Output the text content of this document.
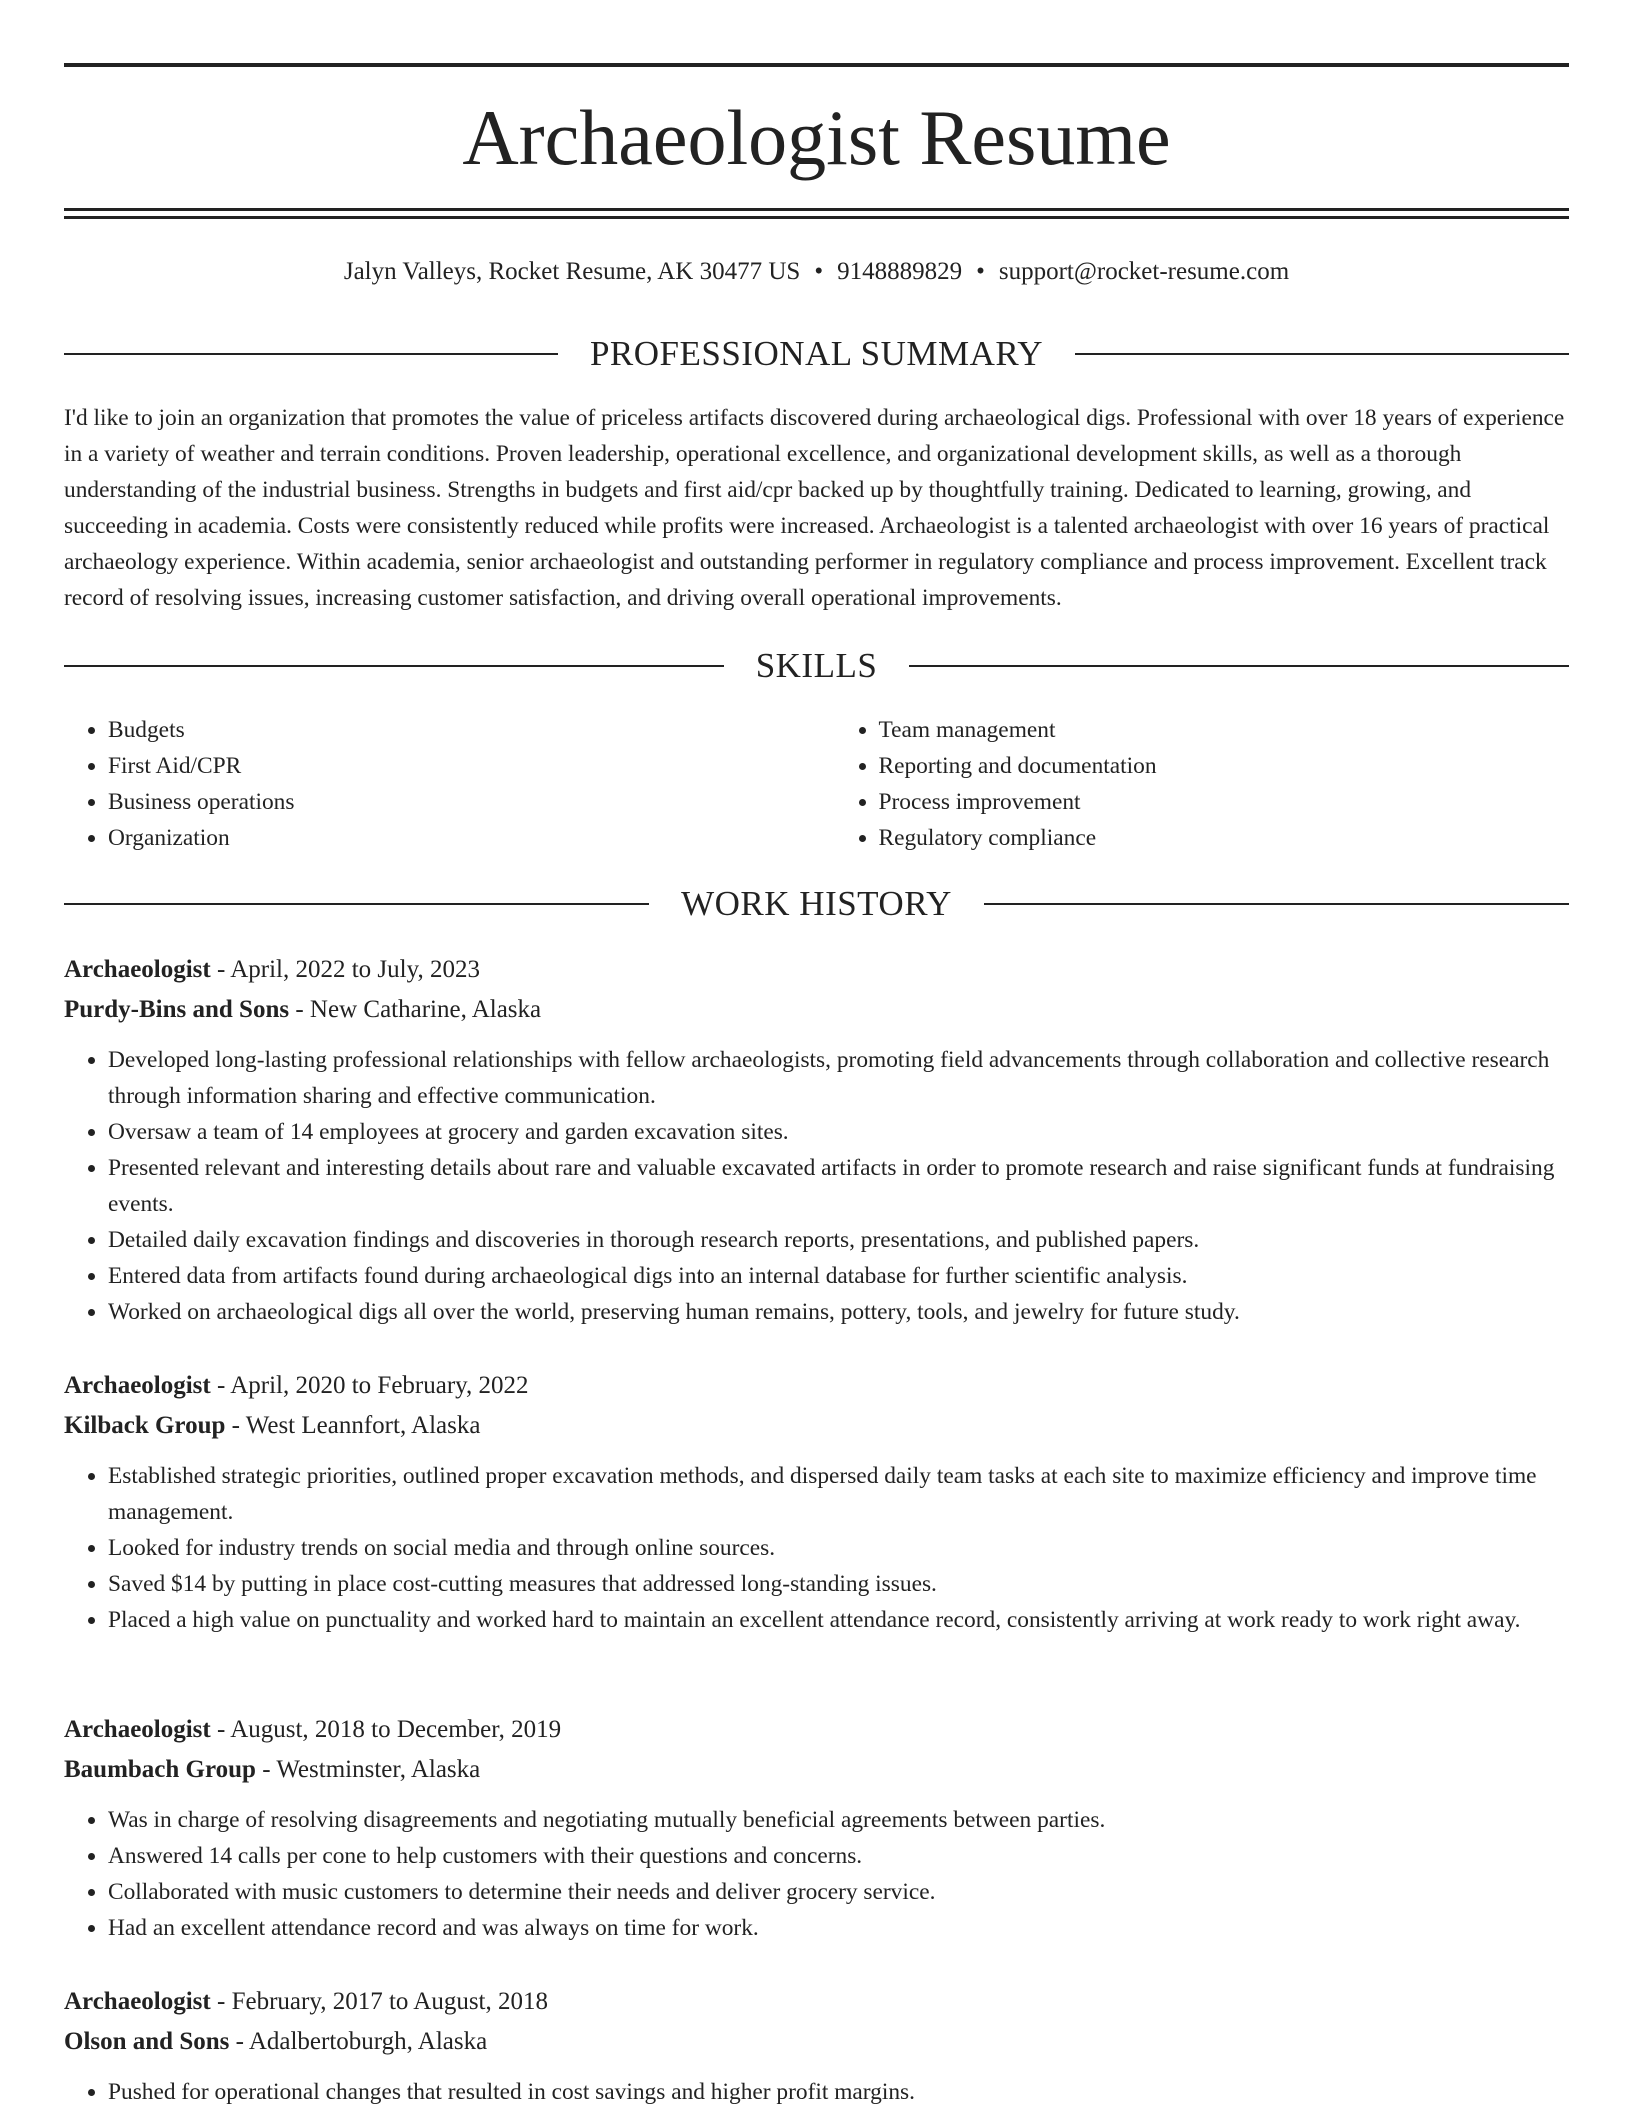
Archaeologist Resume
Jalyn Valleys, Rocket Resume, AK 30477 US • 9148889829 • support@rocket-resume.com
PROFESSIONAL SUMMARY

I'd like to join an organization that promotes the value of priceless artifacts discovered during archaeological digs. Professional with over 18 years of experience in a variety of weather and terrain conditions. Proven leadership, operational excellence, and organizational development skills, as well as a thorough understanding of the industrial business. Strengths in budgets and first aid/cpr backed up by thoughtfully training. Dedicated to learning, growing, and succeeding in academia. Costs were consistently reduced while profits were increased. Archaeologist is a talented archaeologist with over 16 years of practical archaeology experience. Within academia, senior archaeologist and outstanding performer in regulatory compliance and process improvement. Excellent track record of resolving issues, increasing customer satisfaction, and driving overall operational improvements.

SKILLS
• Budgets
• First Aid/CPR
• Business operations
• Organization
• Team management
• Reporting and documentation
• Process improvement
• Regulatory compliance
WORK HISTORY
Archaeologist - April, 2022 to July, 2023
Purdy-Bins and Sons - New Catharine, Alaska
• Developed long-lasting professional relationships with fellow archaeologists, promoting field advancements through collaboration and collective research through information sharing and effective communication.
• Oversaw a team of 14 employees at grocery and garden excavation sites.
• Presented relevant and interesting details about rare and valuable excavated artifacts in order to promote research and raise significant funds at fundraising events.
• Detailed daily excavation findings and discoveries in thorough research reports, presentations, and published papers.
• Entered data from artifacts found during archaeological digs into an internal database for further scientific analysis.
• Worked on archaeological digs all over the world, preserving human remains, pottery, tools, and jewelry for future study.
Archaeologist - April, 2020 to February, 2022
Kilback Group - West Leannfort, Alaska
• Established strategic priorities, outlined proper excavation methods, and dispersed daily team tasks at each site to maximize efficiency and improve time management.
• Looked for industry trends on social media and through online sources.
• Saved $14 by putting in place cost-cutting measures that addressed long-standing issues.
• Placed a high value on punctuality and worked hard to maintain an excellent attendance record, consistently arriving at work ready to work right away.
Archaeologist - August, 2018 to December, 2019
Baumbach Group - Westminster, Alaska
• Was in charge of resolving disagreements and negotiating mutually beneficial agreements between parties.
• Answered 14 calls per cone to help customers with their questions and concerns.
• Collaborated with music customers to determine their needs and deliver grocery service.
• Had an excellent attendance record and was always on time for work.
Archaeologist - February, 2017 to August, 2018
Olson and Sons - Adalbertoburgh, Alaska
• Pushed for operational changes that resulted in cost savings and higher profit margins.
